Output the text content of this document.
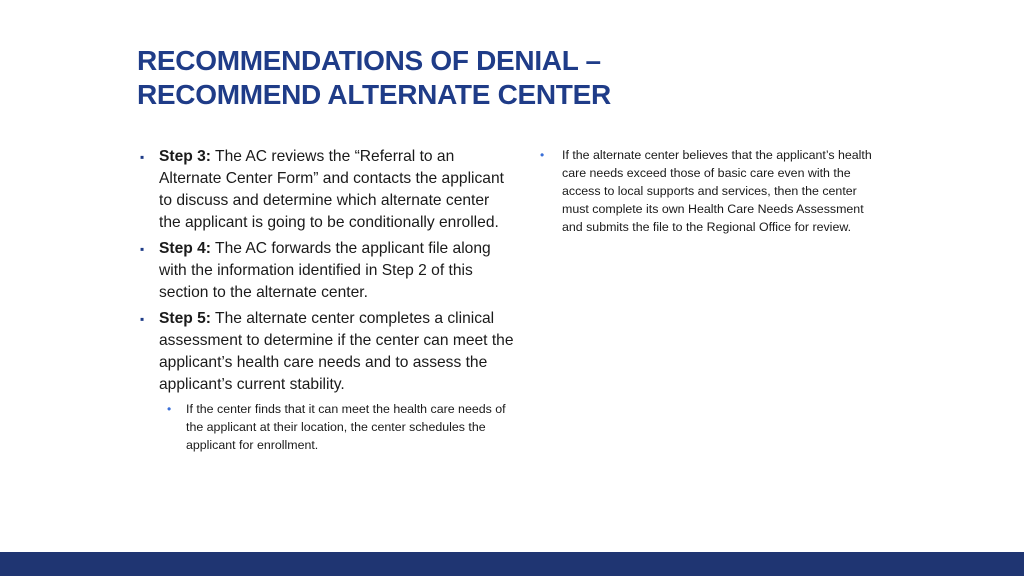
RECOMMENDATIONS OF DENIAL –
RECOMMEND ALTERNATE CENTER
▪ Step 3: The AC reviews the “Referral to an Alternate Center Form” and contacts the applicant to discuss and determine which alternate center the applicant is going to be conditionally enrolled.
▪ Step 4: The AC forwards the applicant file along with the information identified in Step 2 of this section to the alternate center.
▪ Step 5: The alternate center completes a clinical assessment to determine if the center can meet the applicant’s health care needs and to assess the applicant’s current stability.
• If the center finds that it can meet the health care needs of the applicant at their location, the center schedules the applicant for enrollment.
• If the alternate center believes that the applicant’s health care needs exceed those of basic care even with the access to local supports and services, then the center must complete its own Health Care Needs Assessment and submits the file to the Regional Office for review.
